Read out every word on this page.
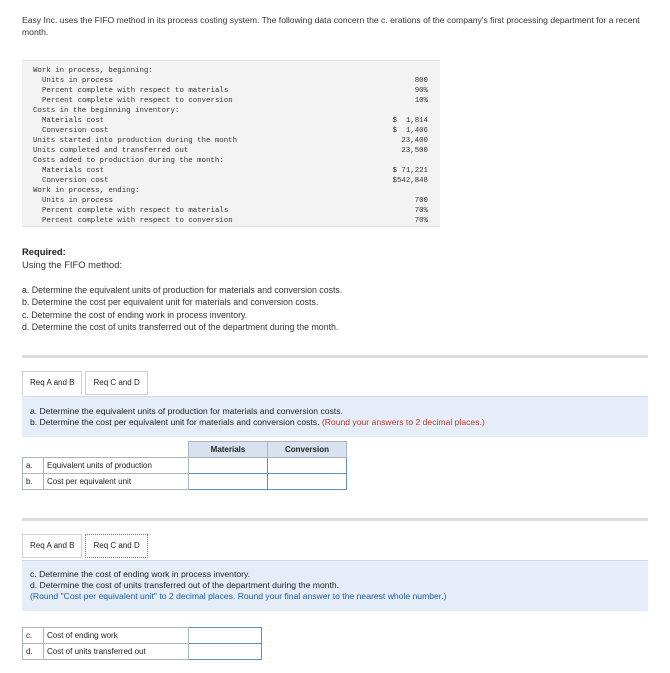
Easy Inc. uses the FIFO method in its process costing system. The following data concern the c. erations of the company's first processing department for a recent month.
Work in process, beginning:
Units in process	800
Percent complete with respect to materials	90%
Percent complete with respect to conversion	10%
Costs in the beginning inventory:
Materials cost	$  1,814
Conversion cost	$  1,406
Units started into production during the month	23,400
Units completed and transferred out	23,500
Costs added to production during the month:
Materials cost	$ 71,221
Conversion cost	$542,848
Work in process, ending:
Units in process	700
Percent complete with respect to materials	70%
Percent complete with respect to conversion	70%
Required:
Using the FIFO method:
a. Determine the equivalent units of production for materials and conversion costs.
b. Determine the cost per equivalent unit for materials and conversion costs.
c. Determine the cost of ending work in process inventory.
d. Determine the cost of units transferred out of the department during the month.
Req A and B	Req C and D
a. Determine the equivalent units of production for materials and conversion costs.
b. Determine the cost per equivalent unit for materials and conversion costs. (Round your answers to 2 decimal places.)
		Materials	Conversion
a.	Equivalent units of production		
b.	Cost per equivalent unit		
Req A and B	Req C and D
c. Determine the cost of ending work in process inventory.
d. Determine the cost of units transferred out of the department during the month.
(Round "Cost per equivalent unit" to 2 decimal places. Round your final answer to the nearest whole number.)
c.	Cost of ending work	
d.	Cost of units transferred out	
